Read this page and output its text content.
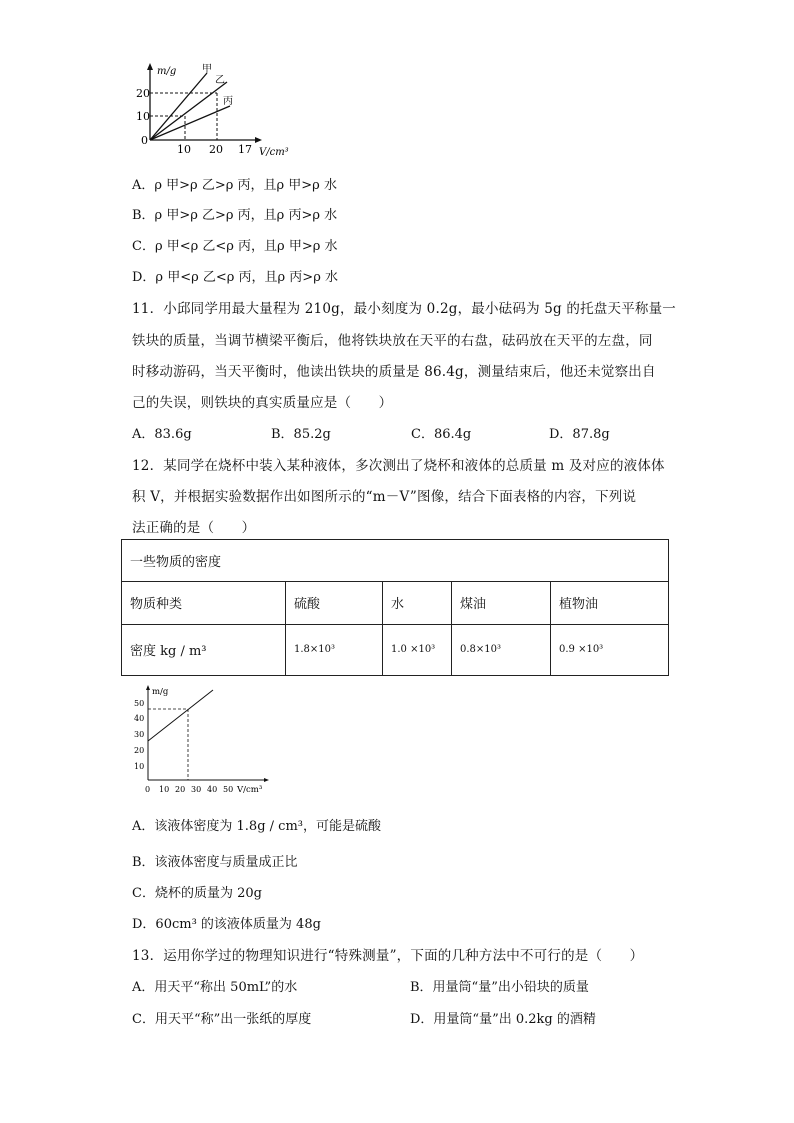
m/g	甲
乙
丙
20
10
0
10 20 17 V/cm³
A．ρ 甲>ρ 乙>ρ 丙，且ρ 甲>ρ 水
B．ρ 甲>ρ 乙>ρ 丙，且ρ 丙>ρ 水
C．ρ 甲<ρ 乙<ρ 丙，且ρ 甲>ρ 水
D．ρ 甲<ρ 乙<ρ 丙，且ρ 丙>ρ 水
11．小邱同学用最大量程为 210g，最小刻度为 0.2g，最小砝码为 5g 的托盘天平称量一
铁块的质量，当调节横梁平衡后，他将铁块放在天平的右盘，砝码放在天平的左盘，同
时移动游码，当天平衡时，他读出铁块的质量是 86.4g，测量结束后，他还未觉察出自
己的失误，则铁块的真实质量应是（　　）
A．83.6g	B．85.2g	C．86.4g	D．87.8g
12．某同学在烧杯中装入某种液体，多次测出了烧杯和液体的总质量 m 及对应的液体体
积 V，并根据实验数据作出如图所示的“m－V”图像，结合下面表格的内容，下列说
法正确的是（　　）
一些物质的密度				
物质种类	硫酸	水	煤油	植物油
密度 kg / m³	1.8×10³	1.0 ×10³	0.8×10³	0.9 ×10³
m/g
50
40
30
20
10
0 10 20 30 40 50 V/cm³
A．该液体密度为 1.8g / cm³，可能是硫酸
B．该液体密度与质量成正比
C．烧杯的质量为 20g
D．60cm³ 的该液体质量为 48g
13．运用你学过的物理知识进行“特殊测量”，下面的几种方法中不可行的是（　　）
A．用天平“称出 50mL”的水	B．用量筒“量”出小铅块的质量
C．用天平“称”出一张纸的厚度	D．用量筒“量”出 0.2kg 的酒精
